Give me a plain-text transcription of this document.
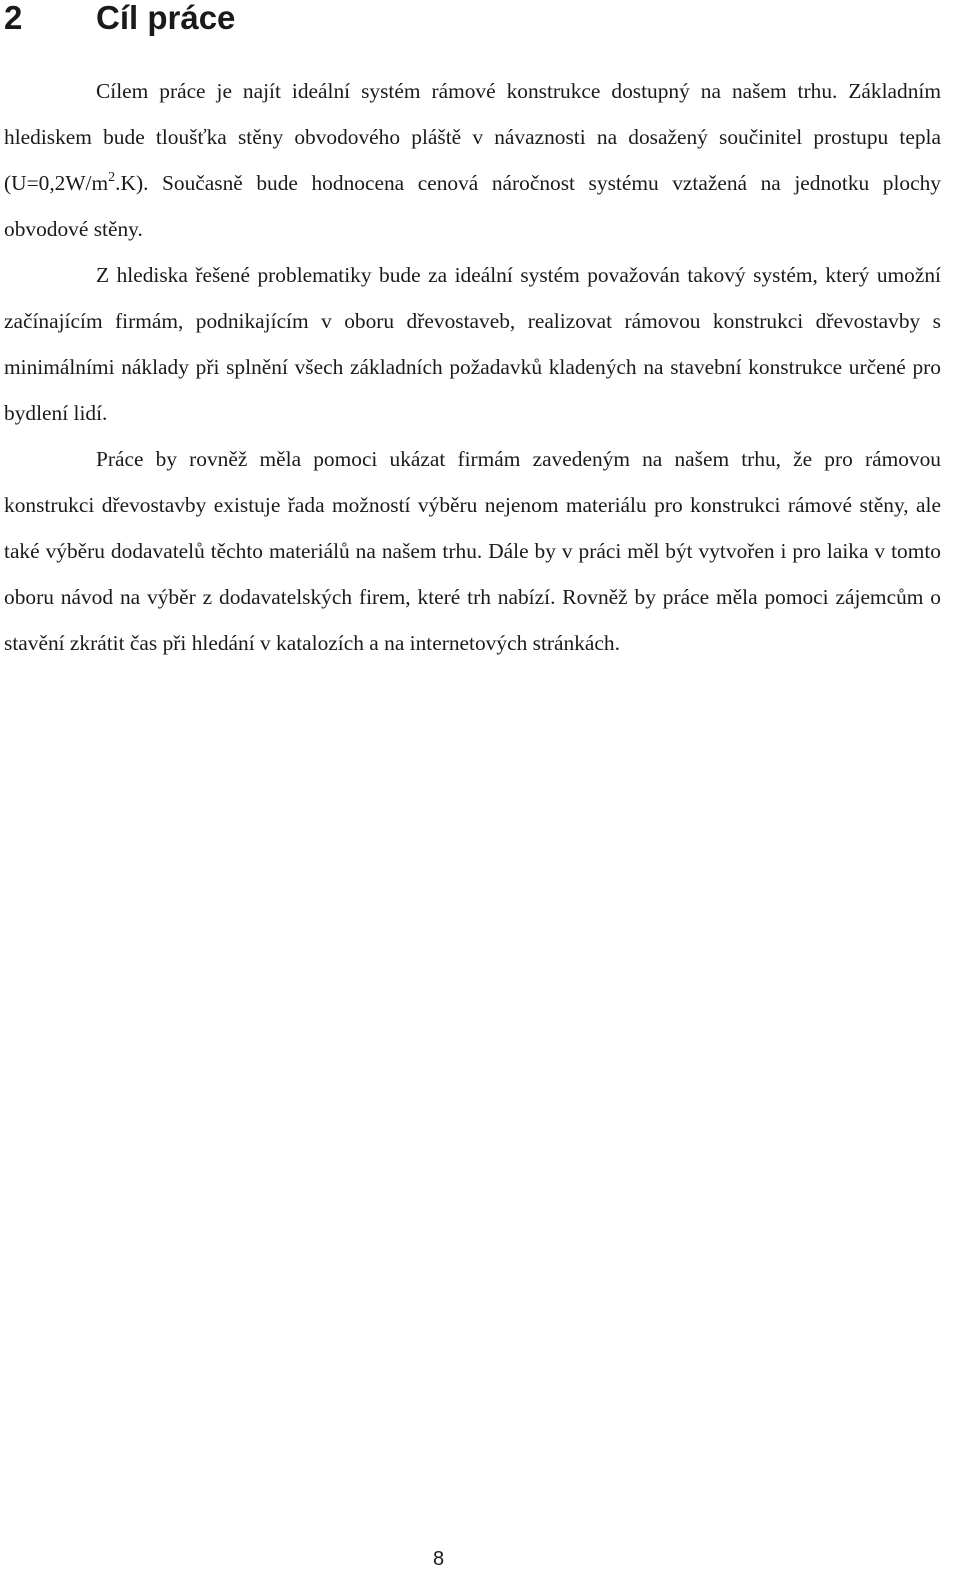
2 Cíl práce

Cílem práce je najít ideální systém rámové konstrukce dostupný na našem trhu. Základním hlediskem bude tloušťka stěny obvodového pláště v návaznosti na dosažený součinitel prostupu tepla $(U=0,2W/m^2.K)$. Současně bude hodnocena cenová náročnost systému vztažená na jednotku plochy obvodové stěny.

Z hlediska řešené problematiky bude za ideální systém považován takový systém, který umožní začínajícím firmám, podnikajícím v oboru dřevostaveb, realizovat rámovou konstrukci dřevostavby s minimálními náklady při splnění všech základních požadavků kladených na stavební konstrukce určené pro bydlení lidí.

Práce by rovněž měla pomoci ukázat firmám zavedeným na našem trhu, že pro rámovou konstrukci dřevostavby existuje řada možností výběru nejenom materiálu pro konstrukci rámové stěny, ale také výběru dodavatelů těchto materiálů na našem trhu. Dále by v práci měl být vytvořen i pro laika v tomto oboru návod na výběr z dodavatelských firem, které trh nabízí. Rovněž by práce měla pomoci zájemcům o stavění zkrátit čas při hledání v katalozích a na internetových stránkách.

8
